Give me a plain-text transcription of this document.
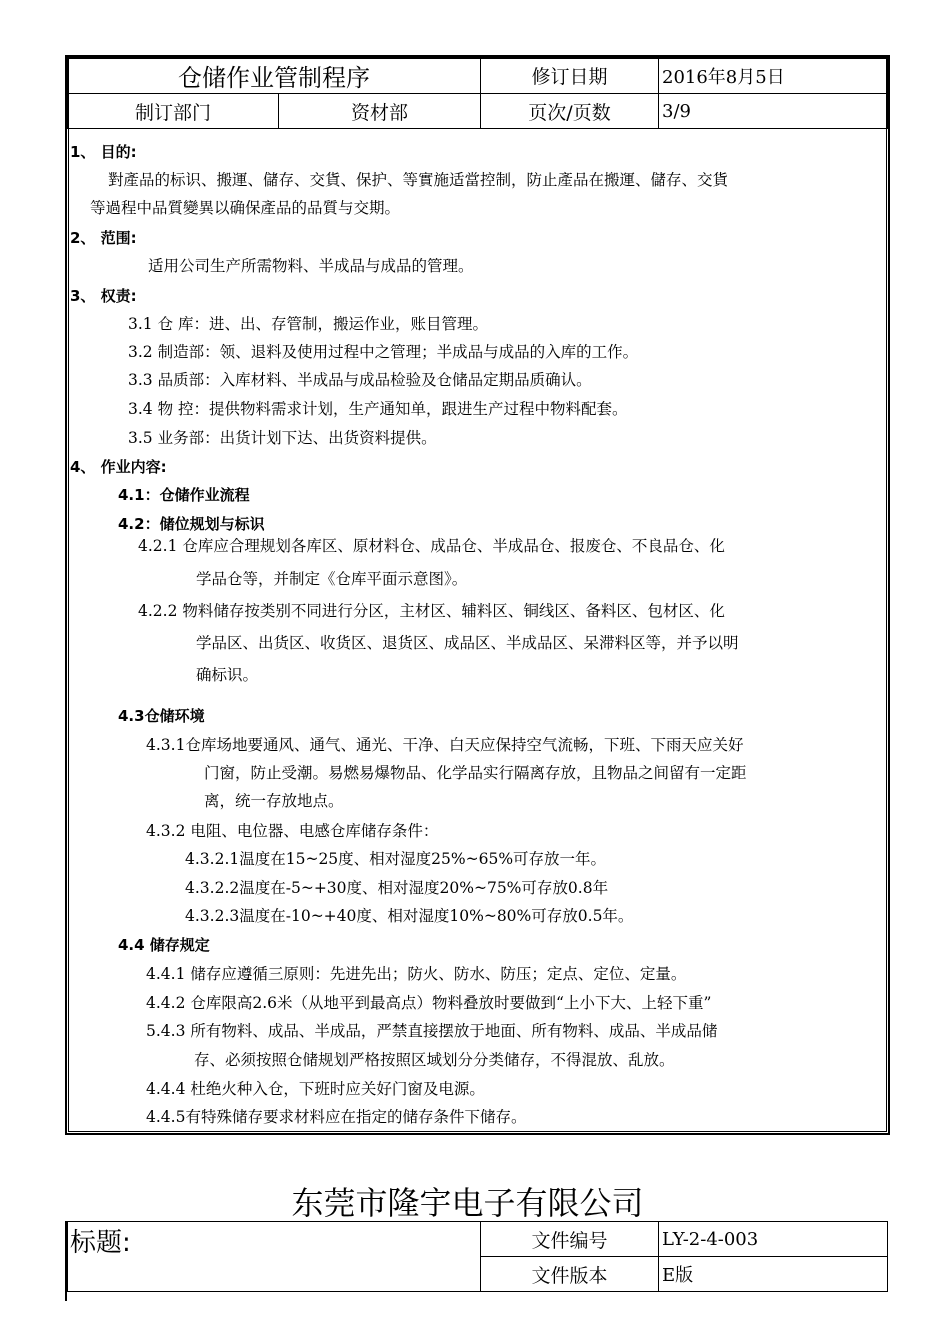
仓储作业管制程序		修订日期	2016年8月5日
制订部门	资材部	页次/页数	3/9
1、 目的:
對產品的标识、搬運、儲存、交貨、保护、等實施适當控制，防止產品在搬運、儲存、交貨
等過程中品質變異以确保產品的品質与交期。
2、 范围:
适用公司生产所需物料、半成品与成品的管理。
3、 权责:
3.1 仓 库：进、出、存管制，搬运作业，账目管理。
3.2 制造部：领、退料及使用过程中之管理；半成品与成品的入库的工作。
3.3 品质部：入库材料、半成品与成品检验及仓储品定期品质确认。
3.4 物 控：提供物料需求计划，生产通知单，跟进生产过程中物料配套。
3.5 业务部：出货计划下达、出货资料提供。
4、 作业内容:
4.1：仓储作业流程
4.2：储位规划与标识
4.2.1 仓库应合理规划各库区、原材料仓、成品仓、半成品仓、报废仓、不良品仓、化
学品仓等，并制定《仓库平面示意图》。
4.2.2 物料储存按类别不同进行分区，主材区、辅料区、铜线区、备料区、包材区、化
学品区、出货区、收货区、退货区、成品区、半成品区、呆滞料区等，并予以明
确标识。
4.3仓储环境
4.3.1仓库场地要通风、通气、通光、干净、白天应保持空气流畅，下班、下雨天应关好
门窗，防止受潮。易燃易爆物品、化学品实行隔离存放，且物品之间留有一定距
离，统一存放地点。
4.3.2 电阻、电位器、电感仓库储存条件：
4.3.2.1温度在15~25度、相对湿度25%~65%可存放一年。
4.3.2.2温度在-5~+30度、相对湿度20%~75%可存放0.8年
4.3.2.3温度在-10~+40度、相对湿度10%~80%可存放0.5年。
4.4 储存规定
4.4.1 储存应遵循三原则：先进先出；防火、防水、防压；定点、定位、定量。
4.4.2 仓库限高2.6米（从地平到最高点）物料叠放时要做到“上小下大、上轻下重”
5.4.3 所有物料、成品、半成品，严禁直接摆放于地面、所有物料、成品、半成品储
存、必须按照仓储规划严格按照区域划分分类储存，不得混放、乱放。
4.4.4 杜绝火种入仓，下班时应关好门窗及电源。
4.4.5有特殊储存要求材料应在指定的储存条件下储存。
东莞市隆宇电子有限公司
标题:	文件编号	LY-2-4-003
	文件版本	E版
